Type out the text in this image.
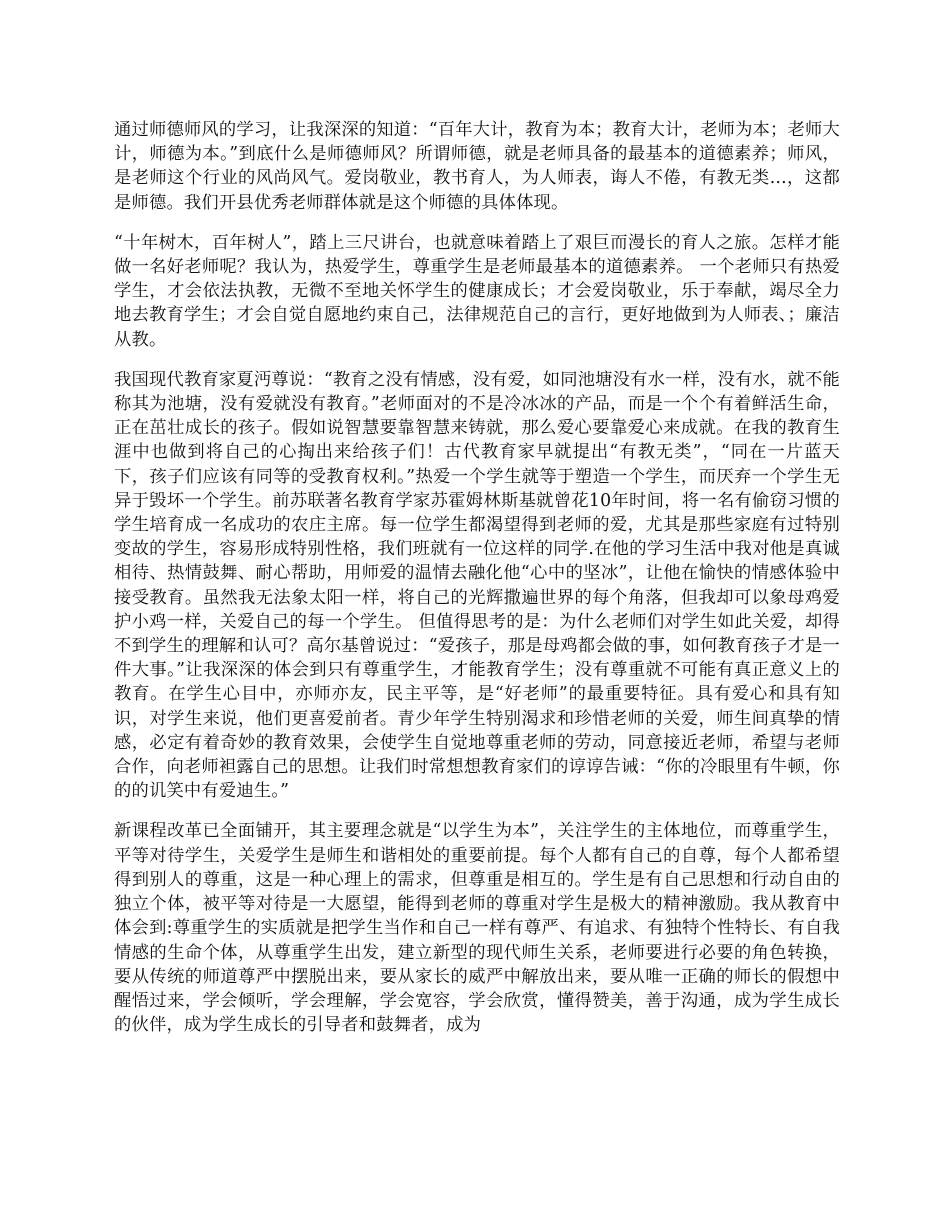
通过师德师风的学习，让我深深的知道：“百年大计，教育为本；教育大计，老师为本；老师大计，师德为本。”到底什么是师德师风？所谓师德，就是老师具备的最基本的道德素养；师风，是老师这个行业的风尚风气。爱岗敬业，教书育人，为人师表，诲人不倦，有教无类...，这都是师德。我们开县优秀老师群体就是这个师德的具体体现。

“十年树木，百年树人”，踏上三尺讲台，也就意味着踏上了艰巨而漫长的育人之旅。怎样才能做一名好老师呢？我认为，热爱学生，尊重学生是老师最基本的道德素养。 一个老师只有热爱学生，才会依法执教，无微不至地关怀学生的健康成长；才会爱岗敬业，乐于奉献，竭尽全力地去教育学生；才会自觉自愿地约束自己，法律规范自己的言行，更好地做到为人师表、；廉洁从教。

我国现代教育家夏沔尊说：“教育之没有情感，没有爱，如同池塘没有水一样，没有水，就不能称其为池塘，没有爱就没有教育。”老师面对的不是冷冰冰的产品，而是一个个有着鲜活生命，正在茁壮成长的孩子。假如说智慧要靠智慧来铸就，那么爱心要靠爱心来成就。在我的教育生涯中也做到将自己的心掏出来给孩子们！古代教育家早就提出“有教无类”，“同在一片蓝天下，孩子们应该有同等的受教育权利。”热爱一个学生就等于塑造一个学生，而厌弃一个学生无异于毁坏一个学生。前苏联著名教育学家苏霍姆林斯基就曾花10年时间，将一名有偷窃习惯的学生培育成一名成功的农庄主席。每一位学生都渴望得到老师的爱，尤其是那些家庭有过特别变故的学生，容易形成特别性格，我们班就有一位这样的同学.在他的学习生活中我对他是真诚相待、热情鼓舞、耐心帮助，用师爱的温情去融化他“心中的坚冰”，让他在愉快的情感体验中接受教育。虽然我无法象太阳一样，将自己的光辉撒遍世界的每个角落，但我却可以象母鸡爱护小鸡一样，关爱自己的每一个学生。 但值得思考的是：为什么老师们对学生如此关爱，却得不到学生的理解和认可？高尔基曾说过：“爱孩子，那是母鸡都会做的事，如何教育孩子才是一件大事。”让我深深的体会到只有尊重学生，才能教育学生；没有尊重就不可能有真正意义上的教育。在学生心目中，亦师亦友，民主平等，是“好老师”的最重要特征。具有爱心和具有知识，对学生来说，他们更喜爱前者。青少年学生特别渴求和珍惜老师的关爱，师生间真挚的情感，必定有着奇妙的教育效果，会使学生自觉地尊重老师的劳动，同意接近老师，希望与老师合作，向老师袒露自己的思想。让我们时常想想教育家们的谆谆告诫：“你的冷眼里有牛顿，你的的讥笑中有爱迪生。”

新课程改革已全面铺开，其主要理念就是“以学生为本”，关注学生的主体地位，而尊重学生，平等对待学生，关爱学生是师生和谐相处的重要前提。每个人都有自己的自尊，每个人都希望得到别人的尊重，这是一种心理上的需求，但尊重是相互的。学生是有自己思想和行动自由的独立个体，被平等对待是一大愿望，能得到老师的尊重对学生是极大的精神激励。我从教育中体会到:尊重学生的实质就是把学生当作和自己一样有尊严、有追求、有独特个性特长、有自我情感的生命个体，从尊重学生出发，建立新型的现代师生关系，老师要进行必要的角色转换，要从传统的师道尊严中摆脱出来，要从家长的威严中解放出来，要从唯一正确的师长的假想中醒悟过来，学会倾听，学会理解，学会宽容，学会欣赏，懂得赞美，善于沟通，成为学生成长的伙伴，成为学生成长的引导者和鼓舞者，成为
